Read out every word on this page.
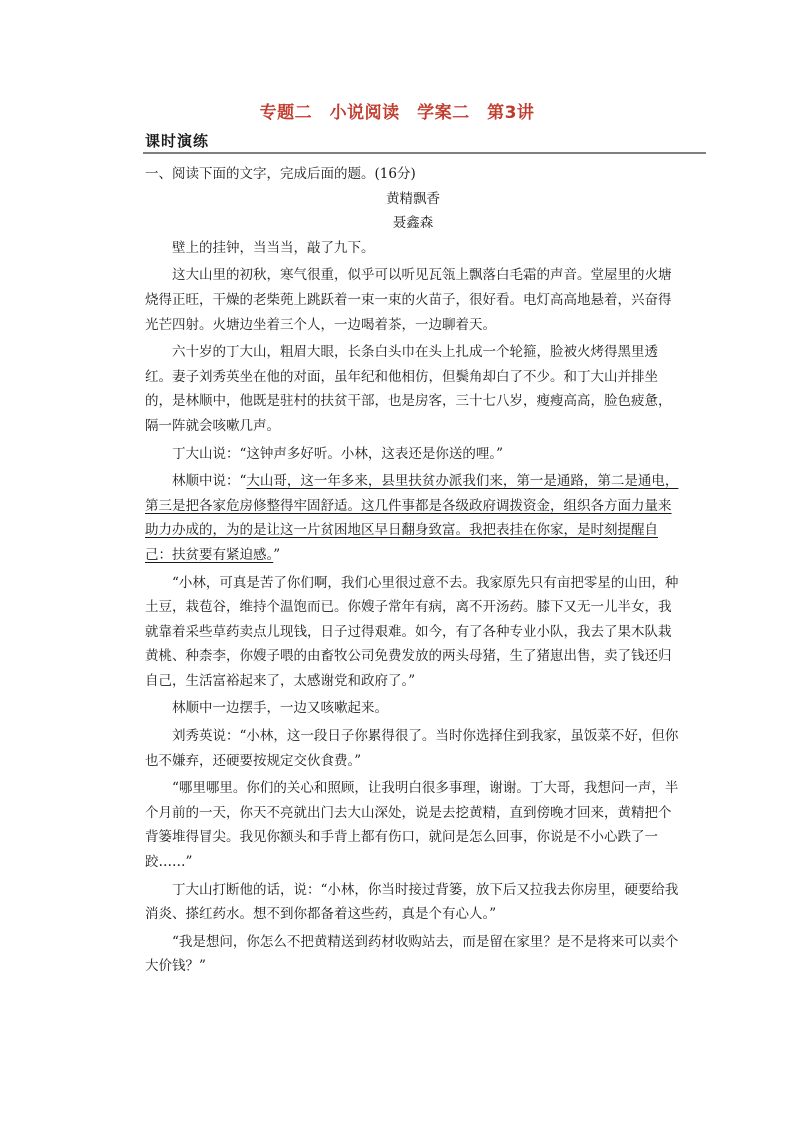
专题二　小说阅读　学案二　第3讲
课时演练

一、阅读下面的文字，完成后面的题。(16分)

黄精飘香

聂鑫森

壁上的挂钟，当当当，敲了九下。

这大山里的初秋，寒气很重，似乎可以听见瓦瓴上飘落白毛霜的声音。堂屋里的火塘烧得正旺，干燥的老柴蔸上跳跃着一束一束的火苗子，很好看。电灯高高地悬着，兴奋得光芒四射。火塘边坐着三个人，一边喝着茶，一边聊着天。

六十岁的丁大山，粗眉大眼，长条白头巾在头上扎成一个轮箍，脸被火烤得黑里透红。妻子刘秀英坐在他的对面，虽年纪和他相仿，但鬓角却白了不少。和丁大山并排坐的，是林顺中，他既是驻村的扶贫干部，也是房客，三十七八岁，瘦瘦高高，脸色疲惫，隔一阵就会咳嗽几声。

丁大山说：“这钟声多好听。小林，这表还是你送的哩。”

林顺中说：“大山哥，这一年多来，县里扶贫办派我们来，第一是通路，第二是通电，第三是把各家危房修整得牢固舒适。这几件事都是各级政府调拨资金，组织各方面力量来助力办成的，为的是让这一片贫困地区早日翻身致富。我把表挂在你家，是时刻提醒自己：扶贫要有紧迫感。”

“小林，可真是苦了你们啊，我们心里很过意不去。我家原先只有亩把零星的山田，种土豆，栽苞谷，维持个温饱而已。你嫂子常年有病，离不开汤药。膝下又无一儿半女，我就靠着采些草药卖点儿现钱，日子过得艰难。如今，有了各种专业小队，我去了果木队栽黄桃、种柰李，你嫂子喂的由畜牧公司免费发放的两头母猪，生了猪崽出售，卖了钱还归自己，生活富裕起来了，太感谢党和政府了。”

林顺中一边摆手，一边又咳嗽起来。

刘秀英说：“小林，这一段日子你累得很了。当时你选择住到我家，虽饭菜不好，但你也不嫌弃，还硬要按规定交伙食费。”

“哪里哪里。你们的关心和照顾，让我明白很多事理，谢谢。丁大哥，我想问一声，半个月前的一天，你天不亮就出门去大山深处，说是去挖黄精，直到傍晚才回来，黄精把个背篓堆得冒尖。我见你额头和手背上都有伤口，就问是怎么回事，你说是不小心跌了一跤……”

丁大山打断他的话，说：“小林，你当时接过背篓，放下后又拉我去你房里，硬要给我消炎、搽红药水。想不到你都备着这些药，真是个有心人。”

“我是想问，你怎么不把黄精送到药材收购站去，而是留在家里？是不是将来可以卖个大价钱？”
